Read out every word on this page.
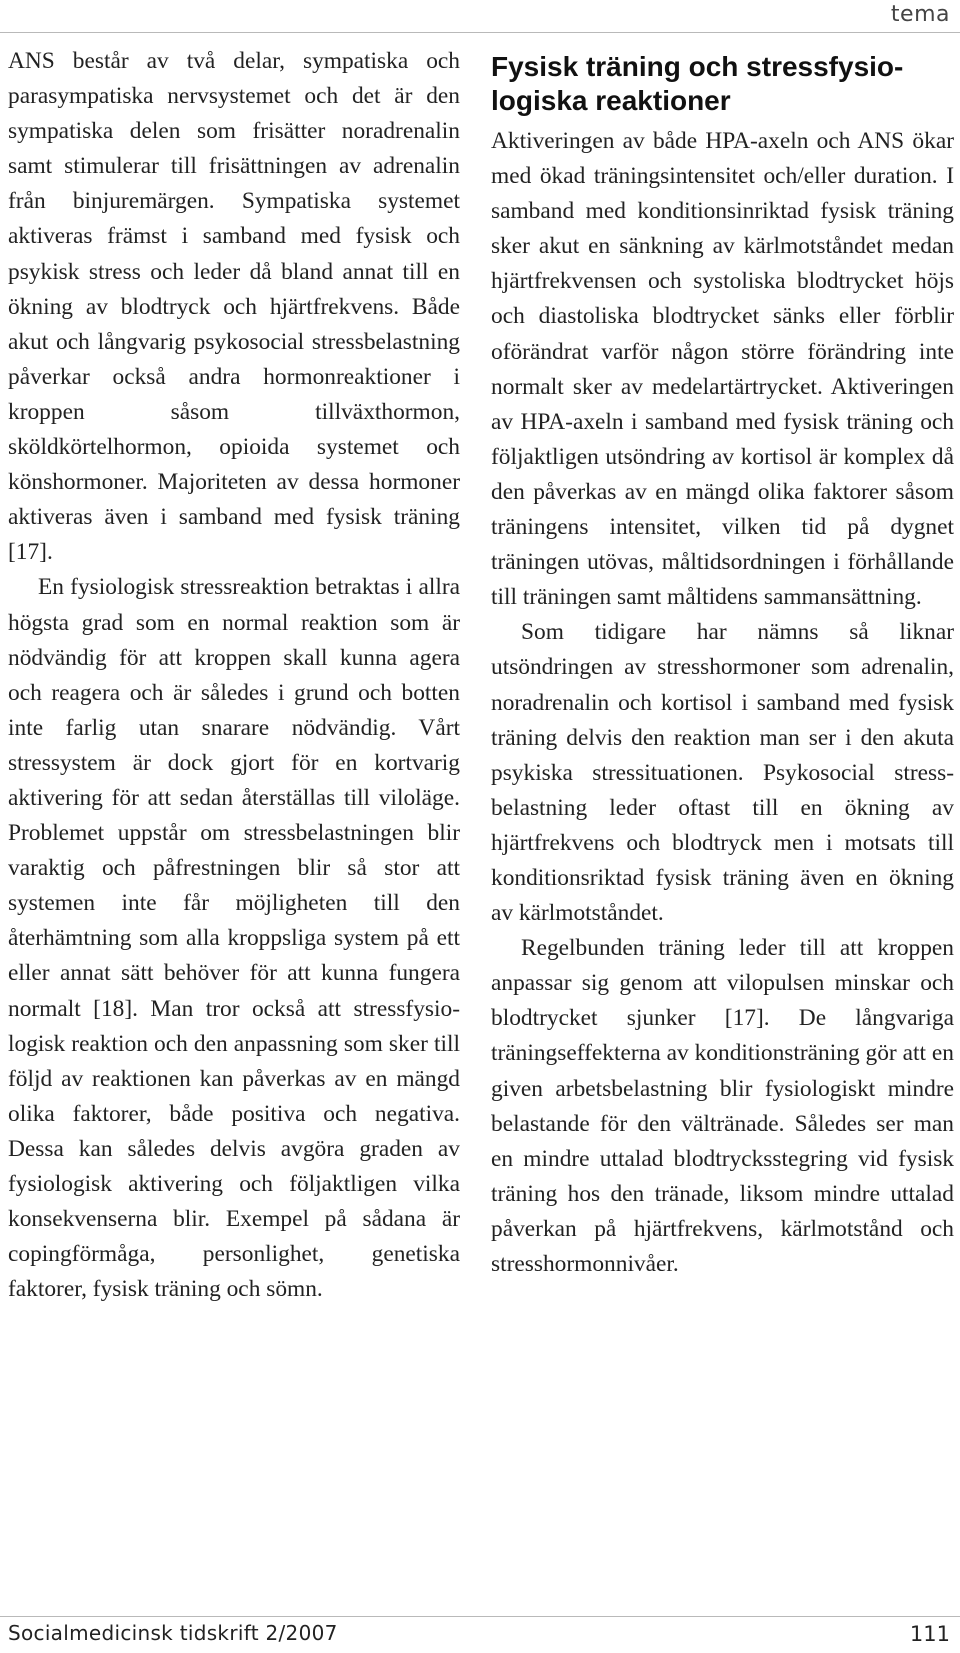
tema

ANS består av två delar, sympatiska och parasympatiska nervsystemet och det är den sympatiska delen som frisätter noradrenalin samt stimulerar till frisättningen av adrenalin från binjuremärgen. Sympatiska systemet aktiveras främst i samband med fysisk och psykisk stress och leder då bland annat till en ökning av blodtryck och hjärtfrekvens. Både akut och långvarig psykosocial stressbelastning påverkar också andra hormonreaktioner i kroppen såsom tillväxthormon, sköldkörtelhormon, opioida systemet och könshormoner. Majoriteten av dessa hormoner aktiveras även i samband med fysisk träning [17].

En fysiologisk stressreaktion betraktas i allra högsta grad som en normal reaktion som är nödvändig för att kroppen skall kunna agera och reagera och är således i grund och botten inte farlig utan snarare nödvändig. Vårt stressystem är dock gjort för en kortvarig aktivering för att sedan återställas till viloläge. Problemet uppstår om stressbelastningen blir varaktig och påfrestningen blir så stor att systemen inte får möjligheten till den återhämtning som alla kroppsliga system på ett eller annat sätt behöver för att kunna fungera normalt [18]. Man tror också att stressfysiologisk reaktion och den anpassning som sker till följd av reaktionen kan påverkas av en mängd olika faktorer, både positiva och negativa. Dessa kan således delvis avgöra graden av fysiologisk aktivering och följaktligen vilka konsekvenserna blir. Exempel på sådana är copingförmåga, personlighet, genetiska faktorer, fysisk träning och sömn.

Fysisk träning och stressfysiologiska reaktioner

Aktiveringen av både HPA-axeln och ANS ökar med ökad träningsintensitet och/eller duration. I samband med konditionsinriktad fysisk träning sker akut en sänkning av kärlmotståndet medan hjärtfrekvensen och systoliska blodtrycket höjs och diastoliska blodtrycket sänks eller förblir oförändrat varför någon större förändring inte normalt sker av medelartärtrycket. Aktiveringen av HPA-axeln i samband med fysisk träning och följaktligen utsöndring av kortisol är komplex då den påverkas av en mängd olika faktorer såsom träningens intensitet, vilken tid på dygnet träningen utövas, måltidsordningen i förhållande till träningen samt måltidens sammansättning.

Som tidigare har nämns så liknar utsöndringen av stresshormoner som adrenalin, noradrenalin och kortisol i samband med fysisk träning delvis den reaktion man ser i den akuta psykiska stressituationen. Psykosocial stressbelastning leder oftast till en ökning av hjärtfrekvens och blodtryck men i motsats till konditionsriktad fysisk träning även en ökning av kärlmotståndet.

Regelbunden träning leder till att kroppen anpassar sig genom att vilopulsen minskar och blodtrycket sjunker [17]. De långvariga träningseffekterna av konditionsträning gör att en given arbetsbelastning blir fysiologiskt mindre belastande för den vältränade. Således ser man en mindre uttalad blodtrycksstegring vid fysisk träning hos den tränade, liksom mindre uttalad påverkan på hjärtfrekvens, kärlmotstånd och stresshormonnivåer.

Socialmedicinsk tidskrift 2/2007	111
